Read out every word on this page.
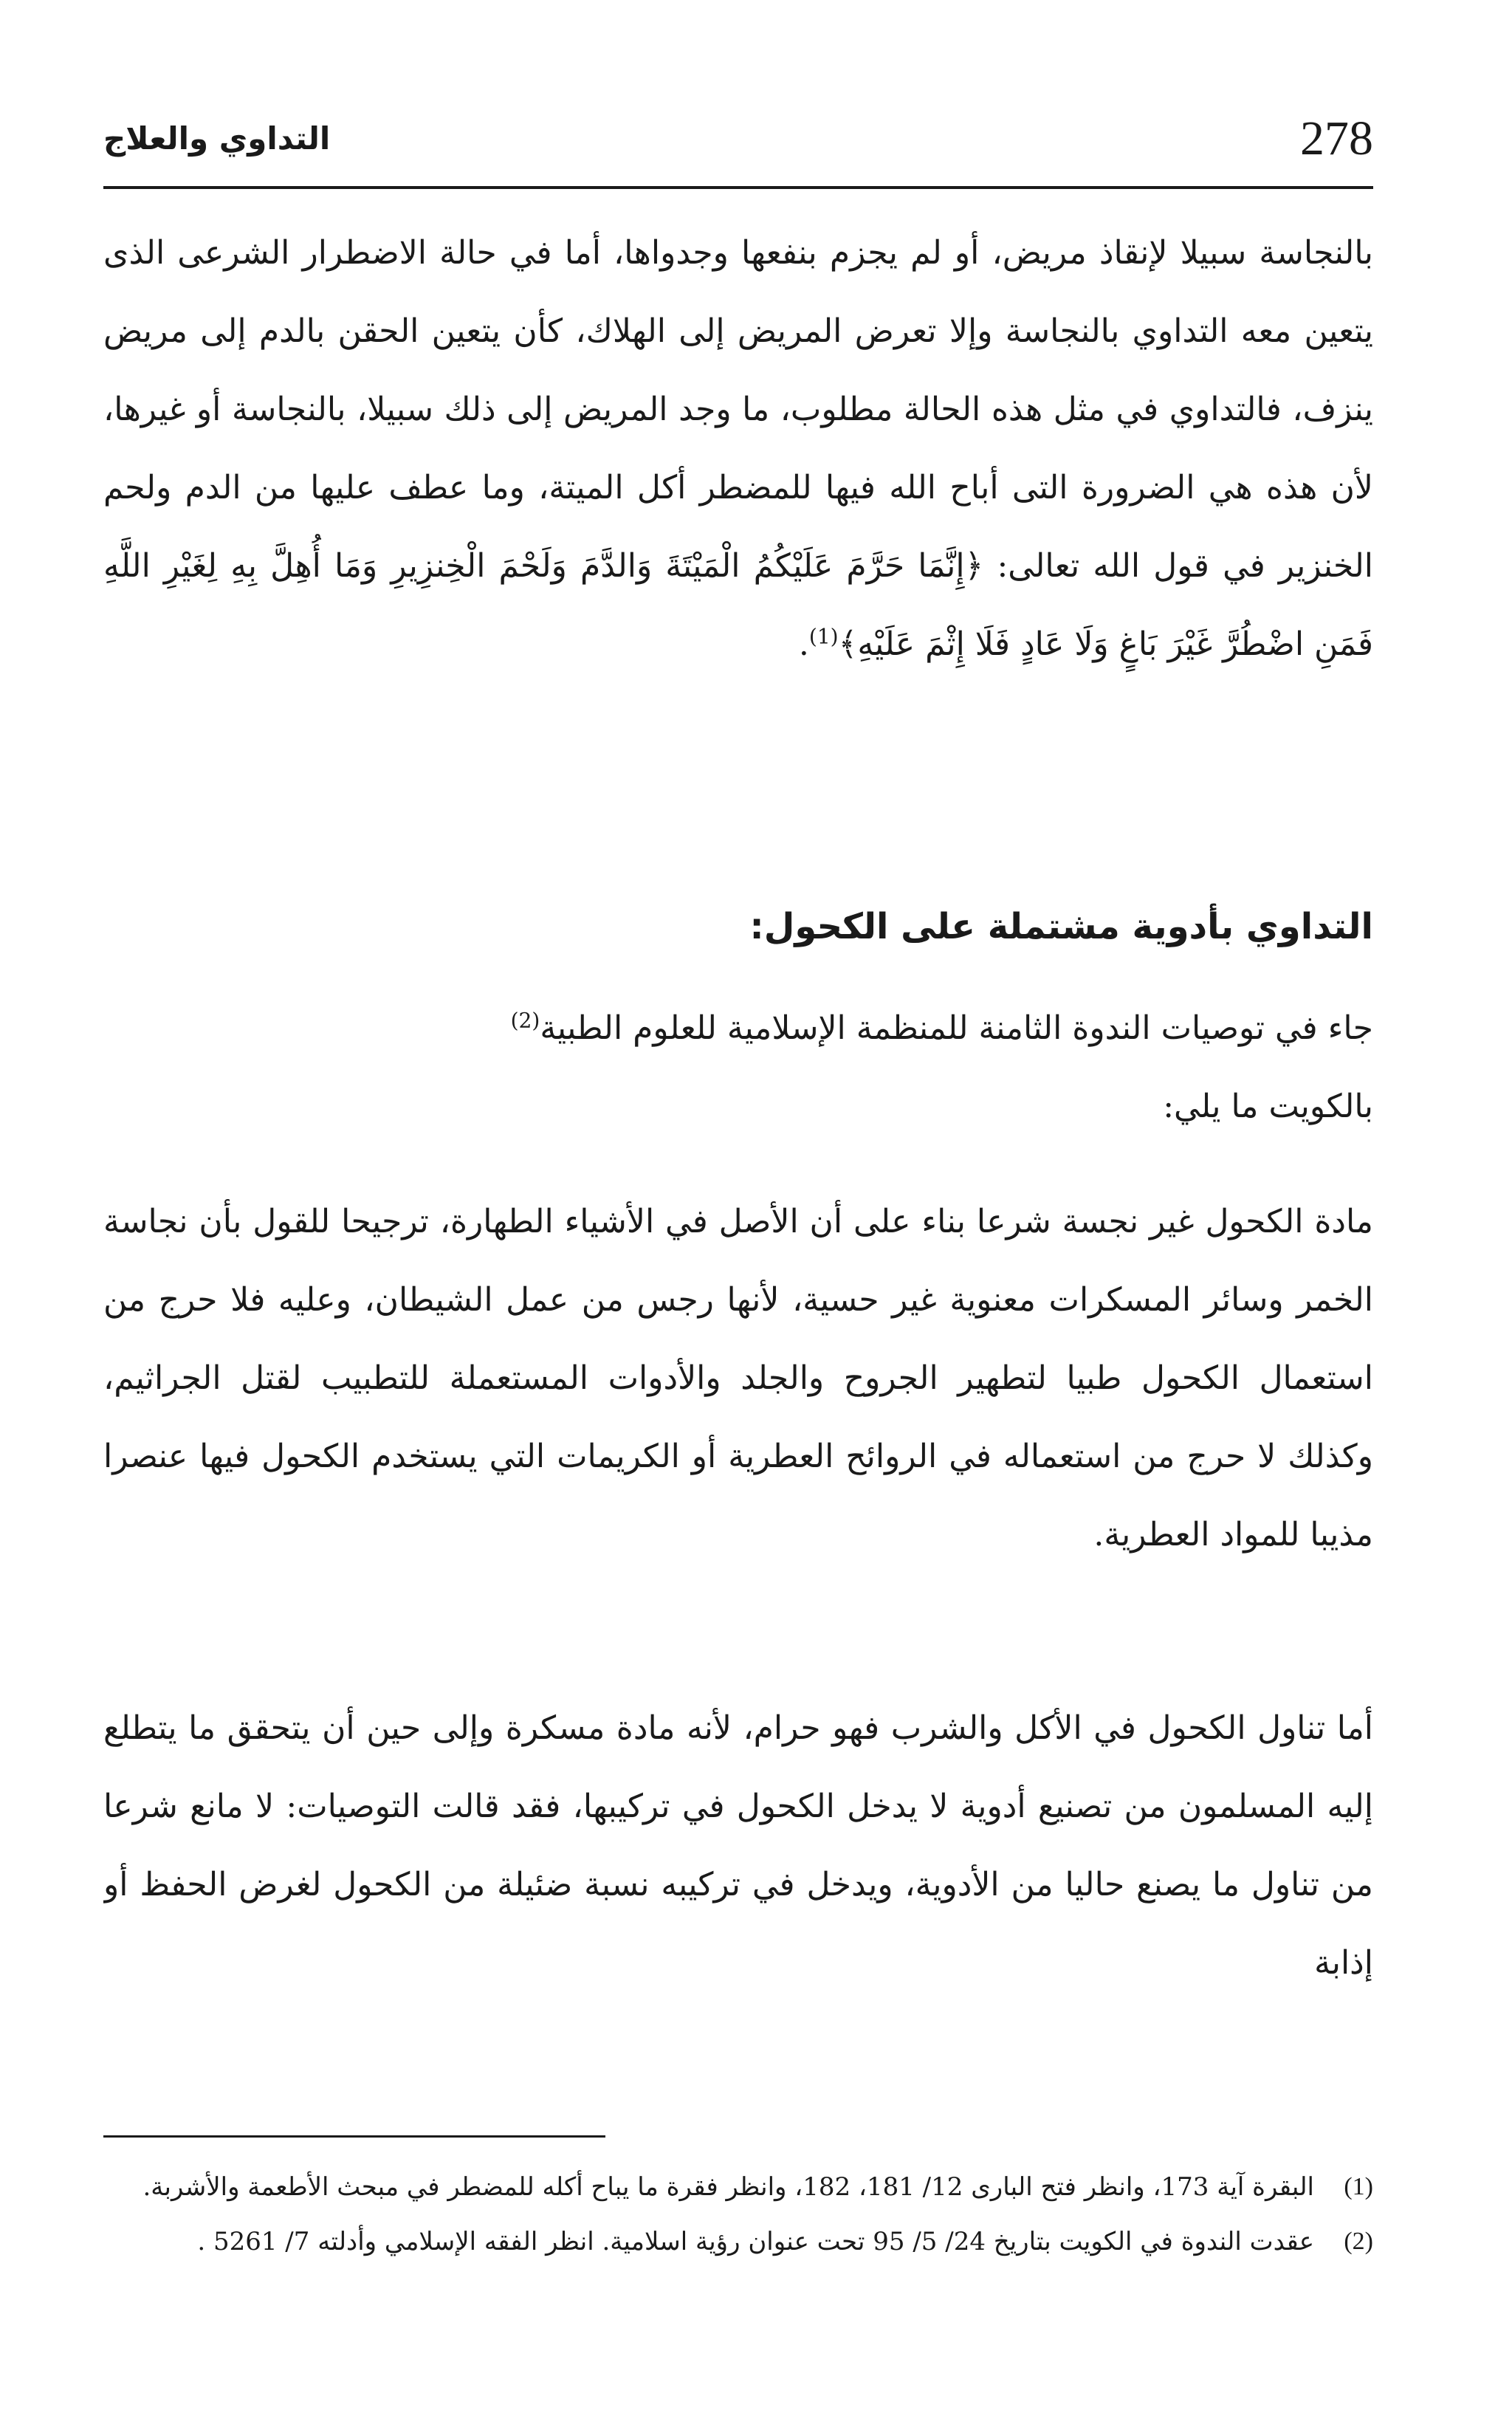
278
التداوي والعلاج

بالنجاسة سبيلا لإنقاذ مريض، أو لم يجزم بنفعها وجدواها، أما في حالة الاضطرار الشرعى الذى يتعين معه التداوي بالنجاسة وإلا تعرض المريض إلى الهلاك، كأن يتعين الحقن بالدم إلى مريض ينزف، فالتداوي في مثل هذه الحالة مطلوب، ما وجد المريض إلى ذلك سبيلا، بالنجاسة أو غيرها، لأن هذه هي الضرورة التى أباح الله فيها للمضطر أكل الميتة، وما عطف عليها من الدم ولحم الخنزير في قول الله تعالى: ﴿إِنَّمَا حَرَّمَ عَلَيْكُمُ الْمَيْتَةَ وَالدَّمَ وَلَحْمَ الْخِنزِيرِ وَمَا أُهِلَّ بِهِ لِغَيْرِ اللَّهِ فَمَنِ اضْطُرَّ غَيْرَ بَاغٍ وَلَا عَادٍ فَلَا إِثْمَ عَلَيْهِ﴾$^{(1)}$.

التداوي بأدوية مشتملة على الكحول:

جاء في توصيات الندوة الثامنة للمنظمة الإسلامية للعلوم الطبية$^{(2)}$
بالكويت ما يلي:

مادة الكحول غير نجسة شرعا بناء على أن الأصل في الأشياء الطهارة، ترجيحا للقول بأن نجاسة الخمر وسائر المسكرات معنوية غير حسية، لأنها رجس من عمل الشيطان، وعليه فلا حرج من استعمال الكحول طبيا لتطهير الجروح والجلد والأدوات المستعملة للتطبيب لقتل الجراثيم، وكذلك لا حرج من استعماله في الروائح العطرية أو الكريمات التي يستخدم الكحول فيها عنصرا مذيبا للمواد العطرية.

أما تناول الكحول في الأكل والشرب فهو حرام، لأنه مادة مسكرة وإلى حين أن يتحقق ما يتطلع إليه المسلمون من تصنيع أدوية لا يدخل الكحول في تركيبها، فقد قالت التوصيات: لا مانع شرعا من تناول ما يصنع حاليا من الأدوية، ويدخل في تركيبه نسبة ضئيلة من الكحول لغرض الحفظ أو إذابة

(1)
البقرة آية 173، وانظر فتح البارى 12/ 181، 182، وانظر فقرة ما يباح أكله للمضطر في مبحث الأطعمة والأشربة.
(2)
عقدت الندوة في الكويت بتاريخ 24/ 5/ 95 تحت عنوان رؤية اسلامية. انظر الفقه الإسلامي وأدلته 7/ 5261 .
